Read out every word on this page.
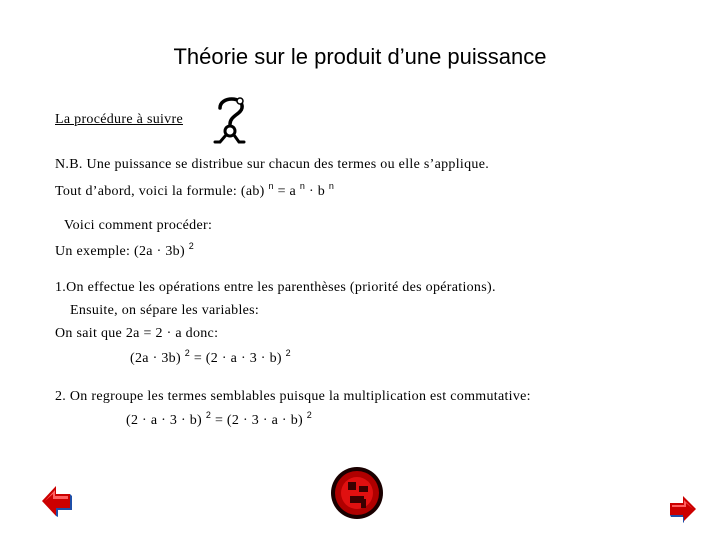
Théorie sur le produit d’une puissance
La procédure à suivre
N.B. Une puissance se distribue sur chacun des termes ou elle s’applique.
Tout d’abord, voici la formule: (ab) $^n$ = a $^n$ · b $^n$
Voici comment procéder:
Un exemple: (2a · 3b) $^2$
1.On effectue les opérations entre les parenthèses (priorité des opérations).
Ensuite, on sépare les variables:
On sait que 2a = 2 · a donc:
(2a · 3b) $^2$ = (2 · a · 3 · b) $^2$
2. On regroupe les termes semblables puisque la multiplication est commutative:
(2 · a · 3 · b) $^2$ = (2 · 3 · a · b) $^2$
